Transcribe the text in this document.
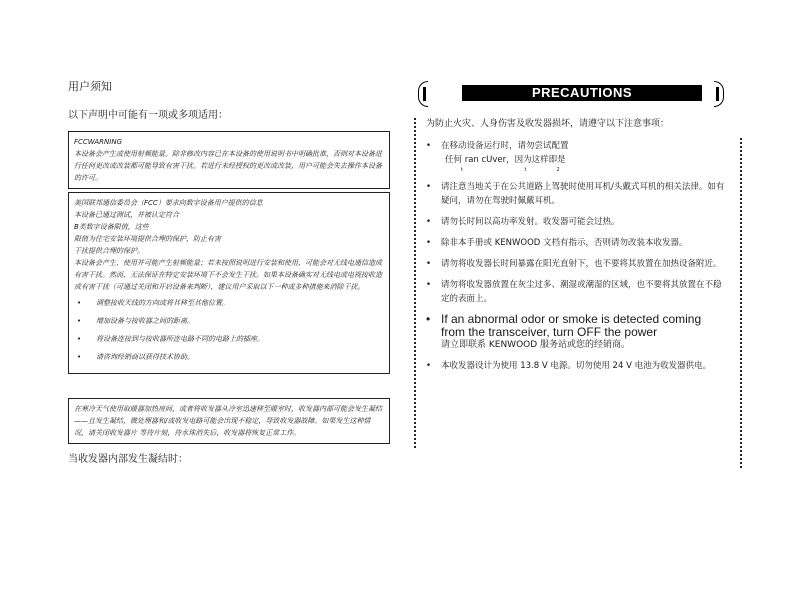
用户须知
以下声明中可能有一项或多项适用：

FCCWARNING

本设备会产生或使用射频能量。除非修改内容已在本设备的使用说明书中明确批准，否则对本设备进行任何更改或改装都可能导致有害干扰。若进行未经授权的更改或改装，用户可能会失去操作本设备的许可。

美国联邦通信委员会（FCC）要求向数字设备用户提供的信息

本设备已通过测试，并被认定符合

B类数字设备限值，这些

限值为住宅安装环境提供合理的保护，防止有害

干扰提供合理的保护。

本设备会产生、使用并可能产生射频能量；若未按照说明进行安装和使用，可能会对无线电通信造成有害干扰。然而，无法保证在特定安装环境下不会发生干扰。如果本设备确实对无线电或电视接收造成有害干扰（可通过关闭和开启设备来判断），建议用户采取以下一种或多种措施来消除干扰。

• 调整接收天线的方向或将其移至其他位置。
• 增加设备与接收器之间的距离。
• 将设备连接到与接收器所连电路不同的电路上的插座。
• 请咨询经销商以获得技术协助。

在寒冷天气使用取暖器加热房间，或者将收发器从冷室迅速移至暖室时，收发器内部可能会发生凝结——且发生凝结，微处理器和/或收发电路可能会出现不稳定，导致收发器故障。如果发生这种情况，请关闭收发器片 等待片刻，待水珠消失后，收发器将恢复正常工作。

当收发器内部发生凝结时：
PRECAUTIONS
为防止火灾、人身伤害及收发器损坏，请遵守以下注意事项：
• 在移动设备运行时，请勿尝试配置
任何 ran cUver，因为这样即是
t t2
• 请注意当地关于在公共道路上驾驶时使用耳机/头戴式耳机的相关法律。如有疑问，请勿在驾驶时佩戴耳机。
• 请勿长时间以高功率发射。收发器可能会过热。
• 除非本手册或 KENWOOD 文档有指示，否则请勿改装本收发器。
• 请勿将收发器长时间暴露在阳光直射下，也不要将其放置在加热设备附近。
• 请勿将收发器放置在灰尘过多、潮湿或潮湿的区域，也不要将其放置在不稳定的表面上。
• If an abnormal odor or smoke is detected coming
from the transceiver, turn OFF the power
请立即联系 KENWOOD 服务站或您的经销商。
• 本收发器设计为使用 13.8 V 电源。切勿使用 24 V 电池为收发器供电。
